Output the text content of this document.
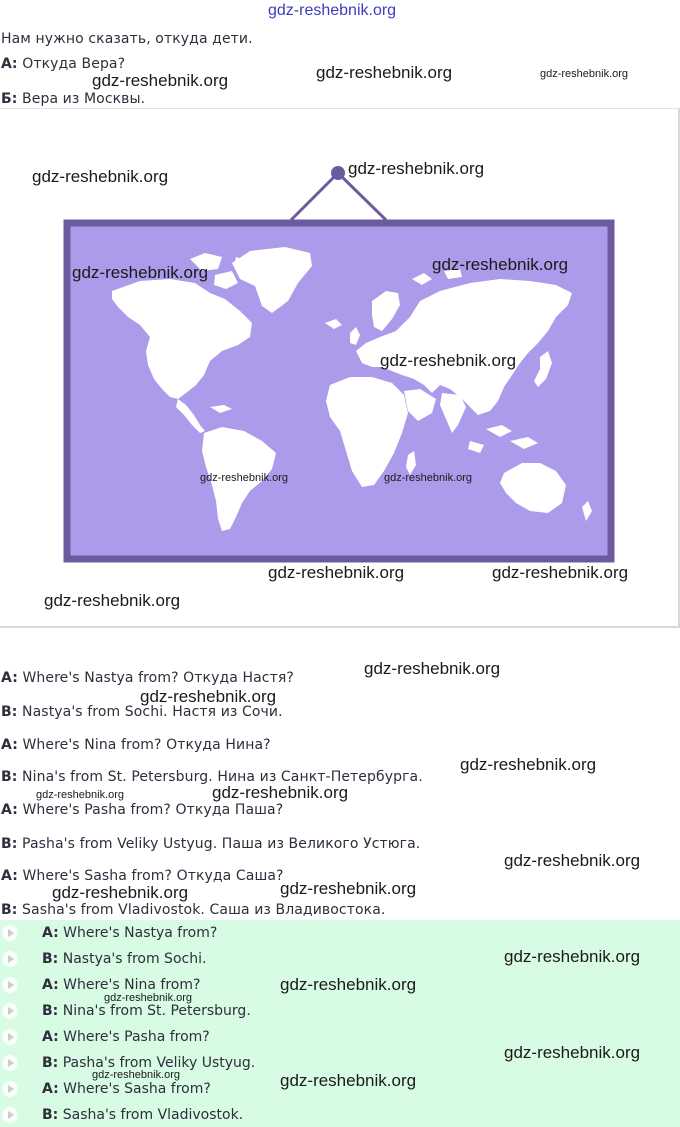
gdz-reshebnik.org
Нам нужно сказать, откуда дети.
А: Откуда Вера?
Б: Вера из Москвы.
A: Where's Nastya from? Откуда Настя?
B: Nastya's from Sochi. Настя из Сочи.
A: Where's Nina from? Откуда Нина?
B: Nina's from St. Petersburg. Нина из Санкт-Петербурга.
A: Where's Pasha from? Откуда Паша?
B: Pasha's from Veliky Ustyug. Паша из Великого Устюга.
A: Where's Sasha from? Откуда Саша?
B: Sasha's from Vladivostok. Саша из Владивостока.
A: Where's Nastya from?
B: Nastya's from Sochi.
A: Where's Nina from?
B: Nina's from St. Petersburg.
A: Where's Pasha from?
B: Pasha's from Veliky Ustyug.
A: Where's Sasha from?
B: Sasha's from Vladivostok.
gdz-reshebnik.org	gdz-reshebnik.org	gdz-reshebnik.org
gdz-reshebnik.org	gdz-reshebnik.org
gdz-reshebnik.org	gdz-reshebnik.org
gdz-reshebnik.org
gdz-reshebnik.org	gdz-reshebnik.org
gdz-reshebnik.org	gdz-reshebnik.org
gdz-reshebnik.org
gdz-reshebnik.org
gdz-reshebnik.org
gdz-reshebnik.org
gdz-reshebnik.org
gdz-reshebnik.org
gdz-reshebnik.org
gdz-reshebnik.org
gdz-reshebnik.org
gdz-reshebnik.org
gdz-reshebnik.org
gdz-reshebnik.org
gdz-reshebnik.org
gdz-reshebnik.org
gdz-reshebnik.org
